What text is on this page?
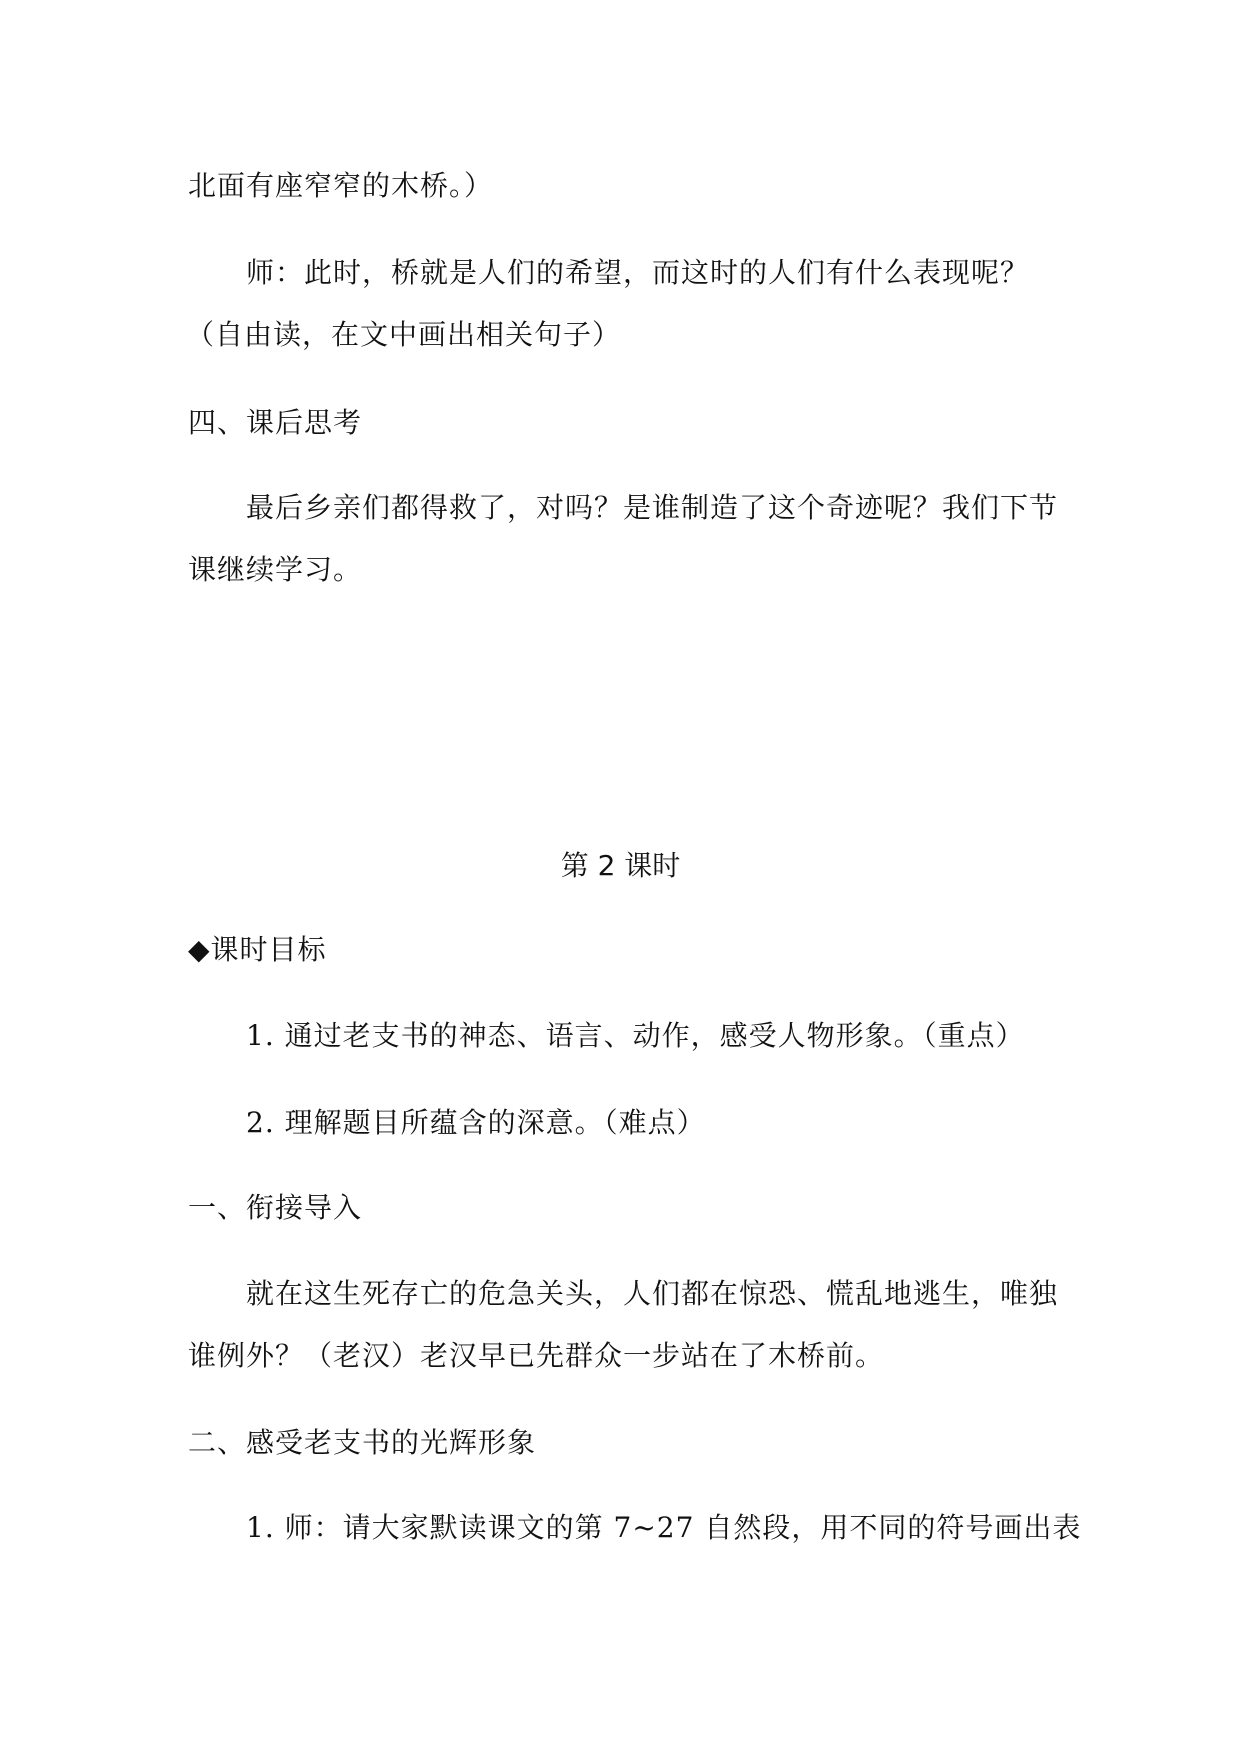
北面有座窄窄的木桥。）
师：此时，桥就是人们的希望，而这时的人们有什么表现呢？
（自由读，在文中画出相关句子）
四、课后思考
最后乡亲们都得救了，对吗？是谁制造了这个奇迹呢？我们下节
课继续学习。
第 2 课时
◆课时目标
1. 通过老支书的神态、语言、动作，感受人物形象。（重点）
2. 理解题目所蕴含的深意。（难点）
一、衔接导入
就在这生死存亡的危急关头，人们都在惊恐、慌乱地逃生，唯独
谁例外？（老汉）老汉早已先群众一步站在了木桥前。
二、感受老支书的光辉形象
1. 师：请大家默读课文的第 7~27 自然段，用不同的符号画出表
